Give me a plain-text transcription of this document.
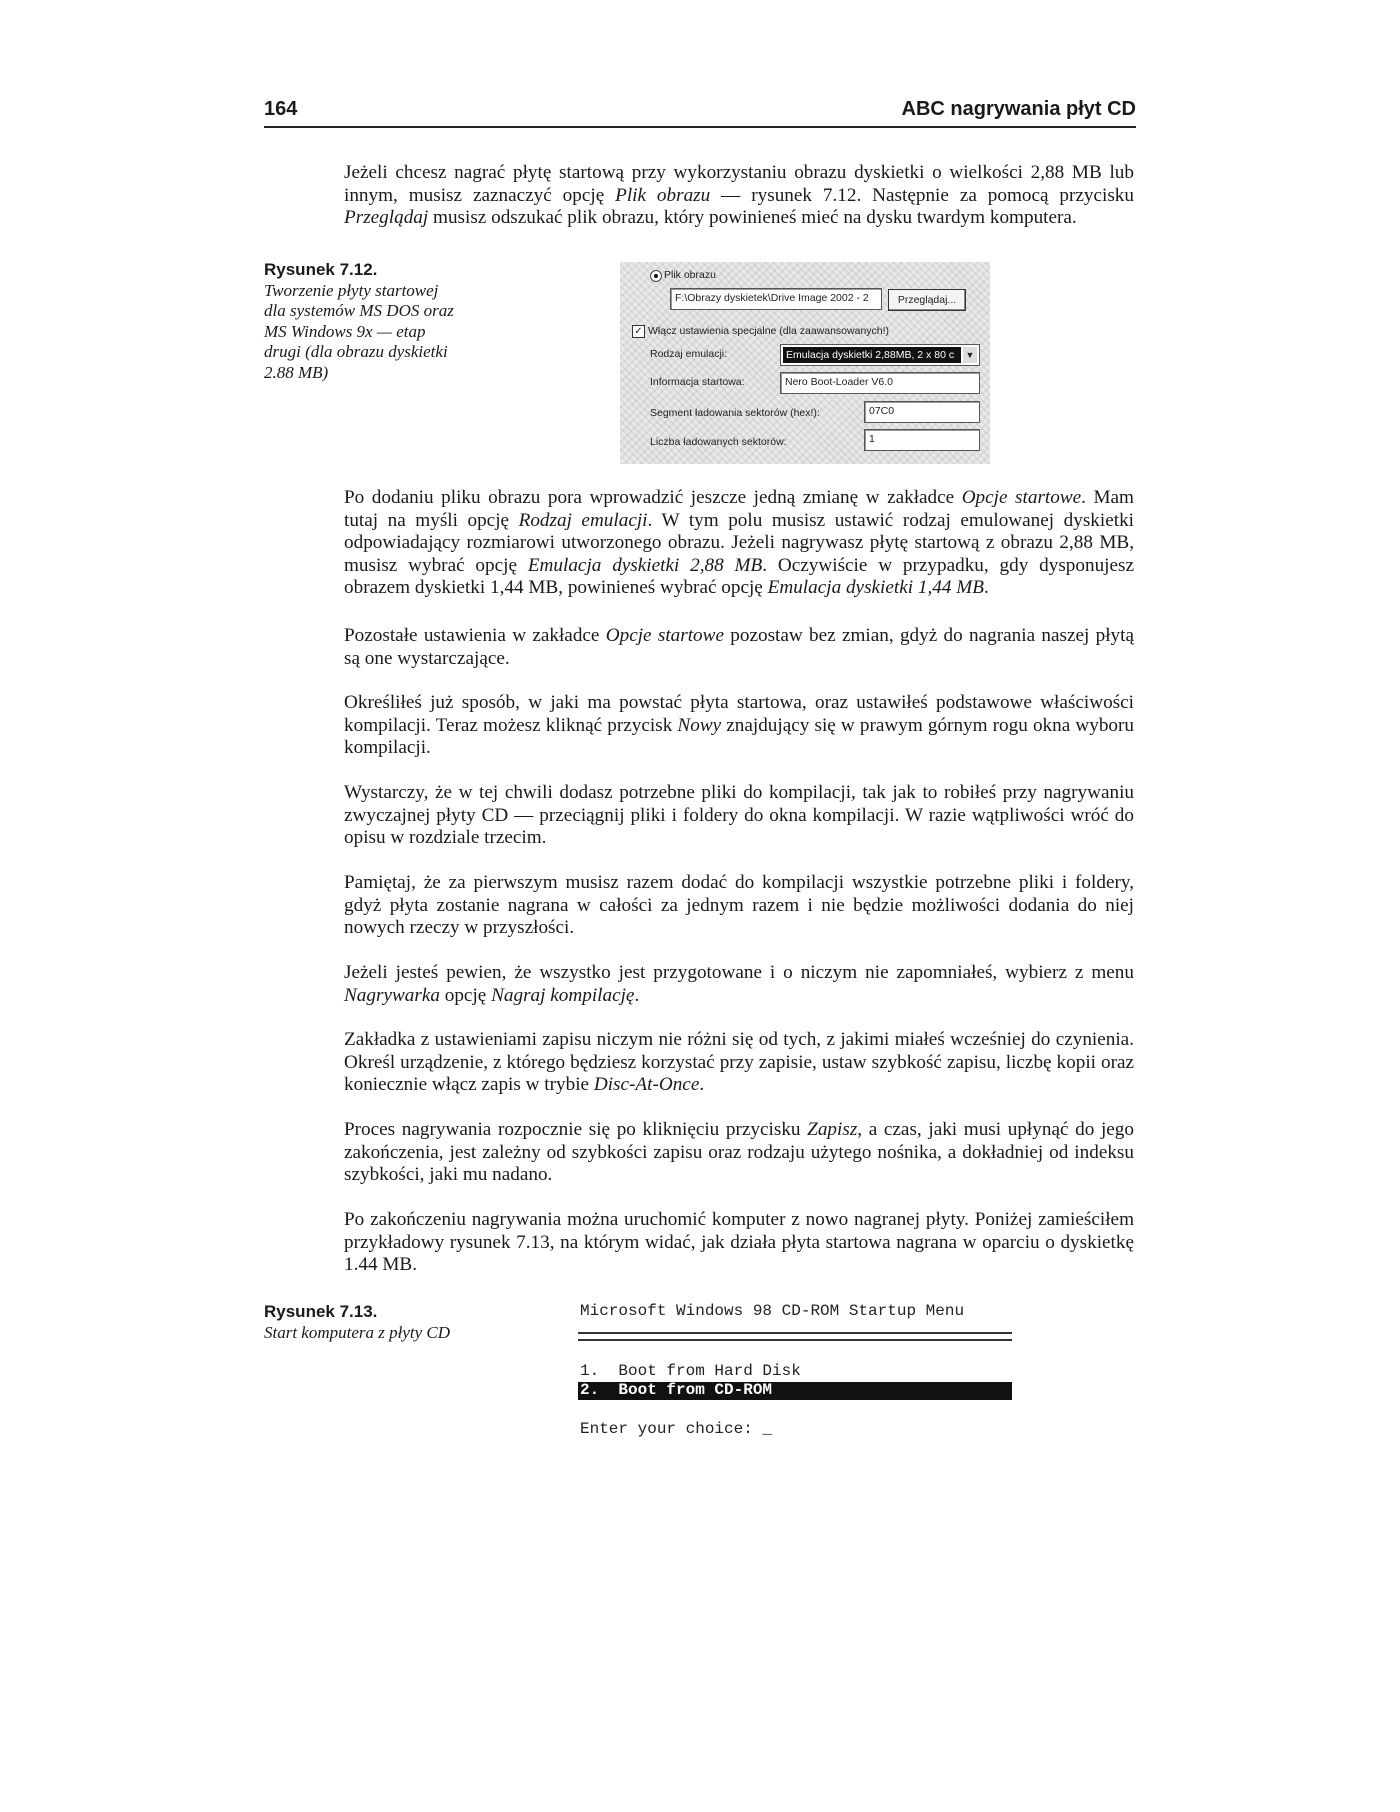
164	ABC nagrywania płyt CD

Jeżeli chcesz nagrać płytę startową przy wykorzystaniu obrazu dyskietki o wielkości 2,88 MB lub innym, musisz zaznaczyć opcję Plik obrazu — rysunek 7.12. Następnie za pomocą przycisku Przeglądaj musisz odszukać plik obrazu, który powinieneś mieć na dysku twardym komputera.

Rysunek 7.12.
Tworzenie płyty startowej dla systemów MS DOS oraz MS Windows 9x — etap drugi (dla obrazu dyskietki 2.88 MB)
Plik obrazu
F:\Obrazy dyskietek\Drive Image 2002 - 2	Przeglądaj...
✓ Włącz ustawienia specjalne (dla zaawansowanych!)
Rodzaj emulacji:	Emulacja dyskietki 2,88MB, 2 x 80 c	▼
Informacja startowa:	Nero Boot-Loader V6.0
Segment ładowania sektorów (hex!):	07C0
Liczba ładowanych sektorów:	1

Po dodaniu pliku obrazu pora wprowadzić jeszcze jedną zmianę w zakładce Opcje startowe. Mam tutaj na myśli opcję Rodzaj emulacji. W tym polu musisz ustawić rodzaj emulowanej dyskietki odpowiadający rozmiarowi utworzonego obrazu. Jeżeli nagrywasz płytę startową z obrazu 2,88 MB, musisz wybrać opcję Emulacja dyskietki 2,88 MB. Oczywiście w przypadku, gdy dysponujesz obrazem dyskietki 1,44 MB, powinieneś wybrać opcję Emulacja dyskietki 1,44 MB.

Pozostałe ustawienia w zakładce Opcje startowe pozostaw bez zmian, gdyż do nagrania naszej płytą są one wystarczające.

Określiłeś już sposób, w jaki ma powstać płyta startowa, oraz ustawiłeś podstawowe właściwości kompilacji. Teraz możesz kliknąć przycisk Nowy znajdujący się w prawym górnym rogu okna wyboru kompilacji.

Wystarczy, że w tej chwili dodasz potrzebne pliki do kompilacji, tak jak to robiłeś przy nagrywaniu zwyczajnej płyty CD — przeciągnij pliki i foldery do okna kompilacji. W razie wątpliwości wróć do opisu w rozdziale trzecim.

Pamiętaj, że za pierwszym musisz razem dodać do kompilacji wszystkie potrzebne pliki i foldery, gdyż płyta zostanie nagrana w całości za jednym razem i nie będzie możliwości dodania do niej nowych rzeczy w przyszłości.

Jeżeli jesteś pewien, że wszystko jest przygotowane i o niczym nie zapomniałeś, wybierz z menu Nagrywarka opcję Nagraj kompilację.

Zakładka z ustawieniami zapisu niczym nie różni się od tych, z jakimi miałeś wcześniej do czynienia. Określ urządzenie, z którego będziesz korzystać przy zapisie, ustaw szybkość zapisu, liczbę kopii oraz koniecznie włącz zapis w trybie Disc-At-Once.

Proces nagrywania rozpocznie się po kliknięciu przycisku Zapisz, a czas, jaki musi upłynąć do jego zakończenia, jest zależny od szybkości zapisu oraz rodzaju użytego nośnika, a dokładniej od indeksu szybkości, jaki mu nadano.

Po zakończeniu nagrywania można uruchomić komputer z nowo nagranej płyty. Poniżej zamieściłem przykładowy rysunek 7.13, na którym widać, jak działa płyta startowa nagrana w oparciu o dyskietkę 1.44 MB.

Rysunek 7.13.
Start komputera z płyty CD
Microsoft Windows 98 CD-ROM Startup Menu
1.  Boot from Hard Disk
2.  Boot from CD-ROM
Enter your choice: _
